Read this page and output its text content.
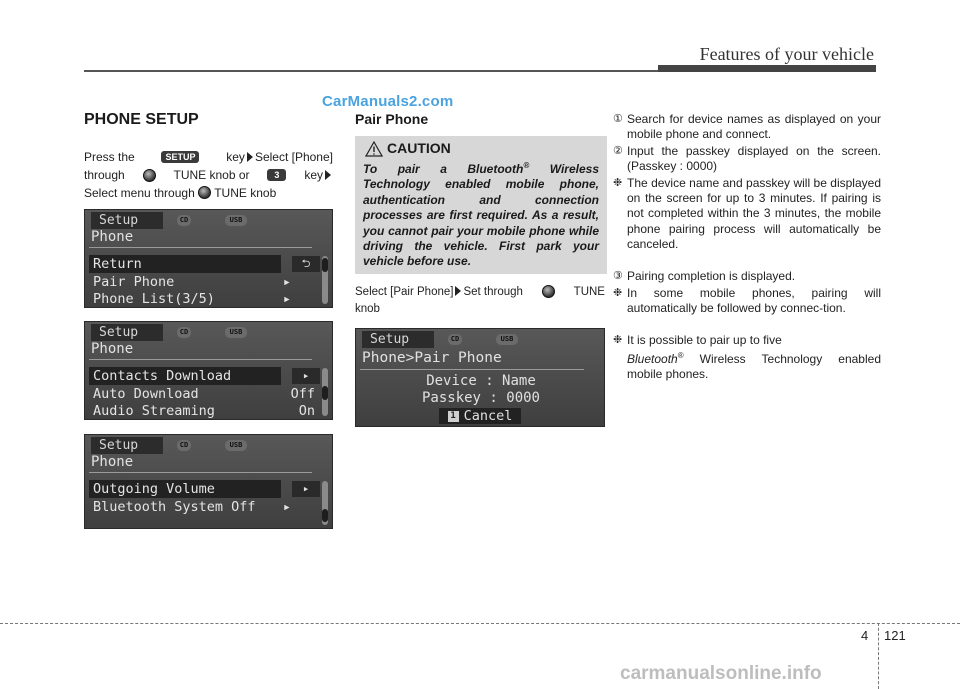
Features of your vehicle
CarManuals2.com
PHONE SETUP
Press the	SETUP	key Select [Phone]
through	TUNE knob or	3	key
Select menu through TUNE knob
Setup	CD	USB
Phone
Return	⮌
Pair Phone	▸
Phone List(3/5)	▸
Setup	CD	USB
Phone
Contacts Download	▸
Auto Download	Off
Audio Streaming	On
Setup	CD	USB
Phone
Outgoing Volume	▸
Bluetooth System Off ▸
Pair Phone
CAUTION
To pair a Bluetooth® Wireless Technology enabled mobile phone, authentication and connection processes are first required. As a result, you cannot pair your mobile phone while driving the vehicle. First park your vehicle before use.
Select [Pair Phone] Set through	TUNE
knob
Setup	CD	USB
Phone>Pair Phone
Device : Name
Passkey : 0000
1 Cancel
① Search for device names as displayed on your mobile phone and connect.
② Input the passkey displayed on the screen. (Passkey : 0000)
❉ The device name and passkey will be displayed on the screen for up to 3 minutes. If pairing is not completed within the 3 minutes, the mobile phone pairing process will automatically be canceled.
③ Pairing completion is displayed.
❉ In some mobile phones, pairing will automatically be followed by connec-tion.
❉ It is possible to pair up to five
Bluetooth® Wireless Technology enabled mobile phones.
4 121
carmanualsonline.info
